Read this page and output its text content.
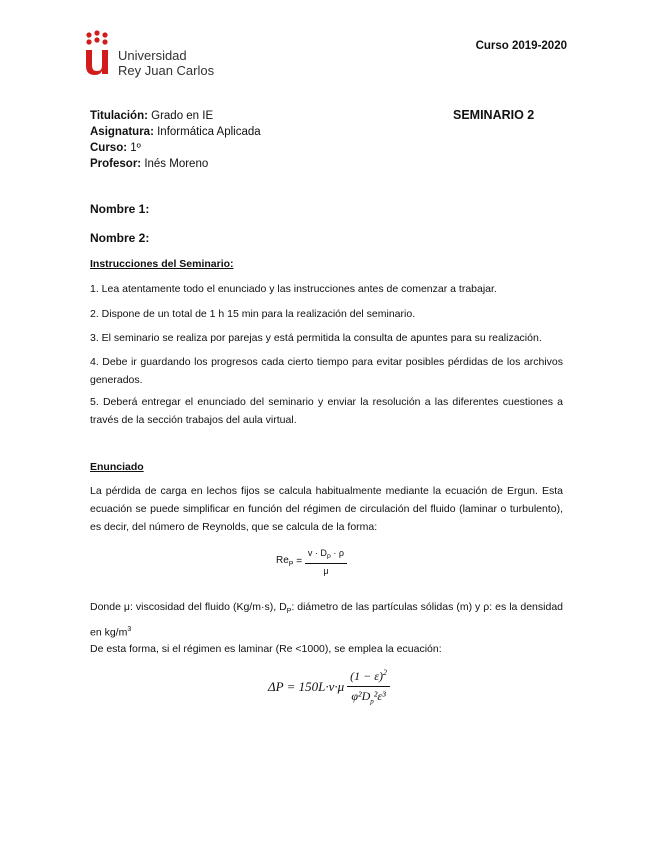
Universidad
Rey Juan Carlos
Curso 2019-2020
SEMINARIO 2
Titulación: Grado en IE
Asignatura: Informática Aplicada
Curso: 1º
Profesor: Inés Moreno
Nombre 1:
Nombre 2:
Instrucciones del Seminario:
1. Lea atentamente todo el enunciado y las instrucciones antes de comenzar a trabajar.
2. Dispone de un total de 1 h 15 min para la realización del seminario.
3. El seminario se realiza por parejas y está permitida la consulta de apuntes para su realización.
4. Debe ir guardando los progresos cada cierto tiempo para evitar posibles pérdidas de los archivos generados.
5. Deberá entregar el enunciado del seminario y enviar la resolución a las diferentes cuestiones a través de la sección trabajos del aula virtual.
Enunciado
La pérdida de carga en lechos fijos se calcula habitualmente mediante la ecuación de Ergun. Esta ecuación se puede simplificar en función del régimen de circulación del fluido (laminar o turbulento), es decir, del número de Reynolds, que se calcula de la forma:
$Re_P = \frac{v \cdot D_P \cdot \rho}{\mu}$
Donde μ: viscosidad del fluido (Kg/m·s), $D_P$: diámetro de las partículas sólidas (m) y ρ: es la densidad en $kg/m^3$
De esta forma, si el régimen es laminar (Re <1000), se emplea la ecuación:
$\Delta P = 150L\cdot v\cdot\mu \frac{(1 - \varepsilon)^2}{\varphi^2D_p^2\varepsilon^3}$
